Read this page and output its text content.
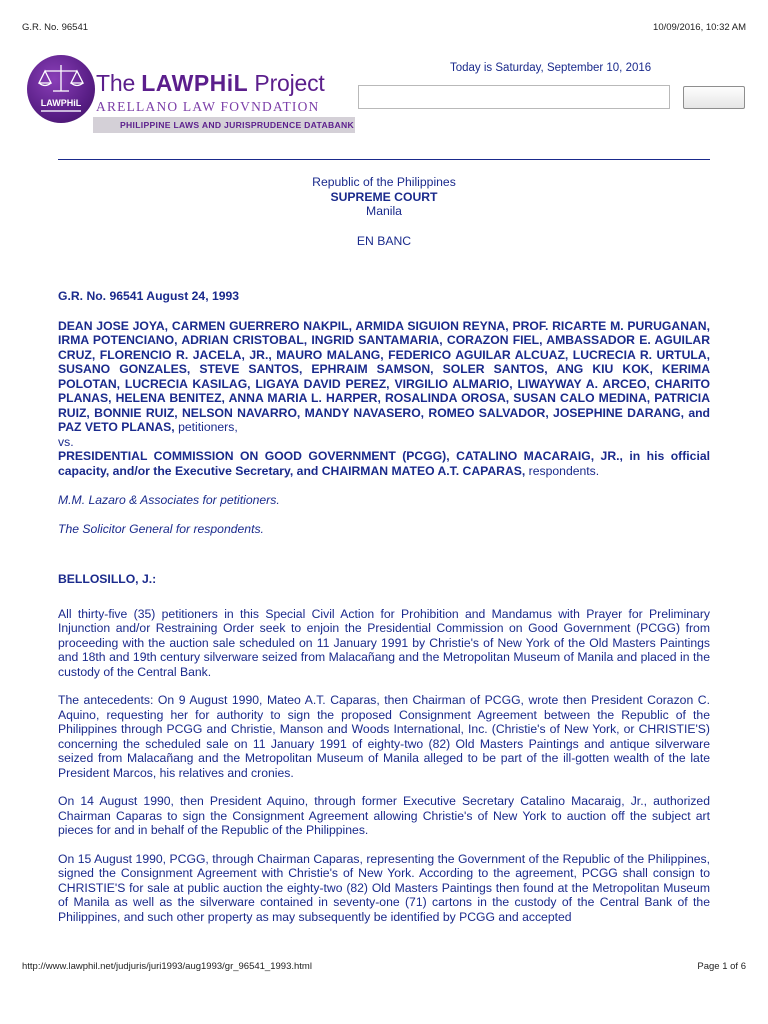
G.R. No. 96541	10/09/2016, 10:32 AM
LAWPHiL
The LAWPHiL Project
ARELLANO LAW FOVNDATION
PHILIPPINE LAWS AND JURISPRUDENCE DATABANK
Today is Saturday, September 10, 2016
Republic of the Philippines
SUPREME COURT
Manila
EN BANC
G.R. No. 96541 August 24, 1993
DEAN JOSE JOYA, CARMEN GUERRERO NAKPIL, ARMIDA SIGUION REYNA, PROF. RICARTE M. PURUGANAN, IRMA POTENCIANO, ADRIAN CRISTOBAL, INGRID SANTAMARIA, CORAZON FIEL, AMBASSADOR E. AGUILAR CRUZ, FLORENCIO R. JACELA, JR., MAURO MALANG, FEDERICO AGUILAR ALCUAZ, LUCRECIA R. URTULA, SUSANO GONZALES, STEVE SANTOS, EPHRAIM SAMSON, SOLER SANTOS, ANG KIU KOK, KERIMA POLOTAN, LUCRECIA KASILAG, LIGAYA DAVID PEREZ, VIRGILIO ALMARIO, LIWAYWAY A. ARCEO, CHARITO PLANAS, HELENA BENITEZ, ANNA MARIA L. HARPER, ROSALINDA OROSA, SUSAN CALO MEDINA, PATRICIA RUIZ, BONNIE RUIZ, NELSON NAVARRO, MANDY NAVASERO, ROMEO SALVADOR, JOSEPHINE DARANG, and PAZ VETO PLANAS, petitioners,
vs.
PRESIDENTIAL COMMISSION ON GOOD GOVERNMENT (PCGG), CATALINO MACARAIG, JR., in his official capacity, and/or the Executive Secretary, and CHAIRMAN MATEO A.T. CAPARAS, respondents.
M.M. Lazaro & Associates for petitioners.
The Solicitor General for respondents.
BELLOSILLO, J.:

All thirty-five (35) petitioners in this Special Civil Action for Prohibition and Mandamus with Prayer for Preliminary Injunction and/or Restraining Order seek to enjoin the Presidential Commission on Good Government (PCGG) from proceeding with the auction sale scheduled on 11 January 1991 by Christie's of New York of the Old Masters Paintings and 18th and 19th century silverware seized from Malacañang and the Metropolitan Museum of Manila and placed in the custody of the Central Bank.

The antecedents: On 9 August 1990, Mateo A.T. Caparas, then Chairman of PCGG, wrote then President Corazon C. Aquino, requesting her for authority to sign the proposed Consignment Agreement between the Republic of the Philippines through PCGG and Christie, Manson and Woods International, Inc. (Christie's of New York, or CHRISTIE'S) concerning the scheduled sale on 11 January 1991 of eighty-two (82) Old Masters Paintings and antique silverware seized from Malacañang and the Metropolitan Museum of Manila alleged to be part of the ill-gotten wealth of the late President Marcos, his relatives and cronies.

On 14 August 1990, then President Aquino, through former Executive Secretary Catalino Macaraig, Jr., authorized Chairman Caparas to sign the Consignment Agreement allowing Christie's of New York to auction off the subject art pieces for and in behalf of the Republic of the Philippines.

On 15 August 1990, PCGG, through Chairman Caparas, representing the Government of the Republic of the Philippines, signed the Consignment Agreement with Christie's of New York. According to the agreement, PCGG shall consign to CHRISTIE'S for sale at public auction the eighty-two (82) Old Masters Paintings then found at the Metropolitan Museum of Manila as well as the silverware contained in seventy-one (71) cartons in the custody of the Central Bank of the Philippines, and such other property as may subsequently be identified by PCGG and accepted

http://www.lawphil.net/judjuris/juri1993/aug1993/gr_96541_1993.html	Page 1 of 6
